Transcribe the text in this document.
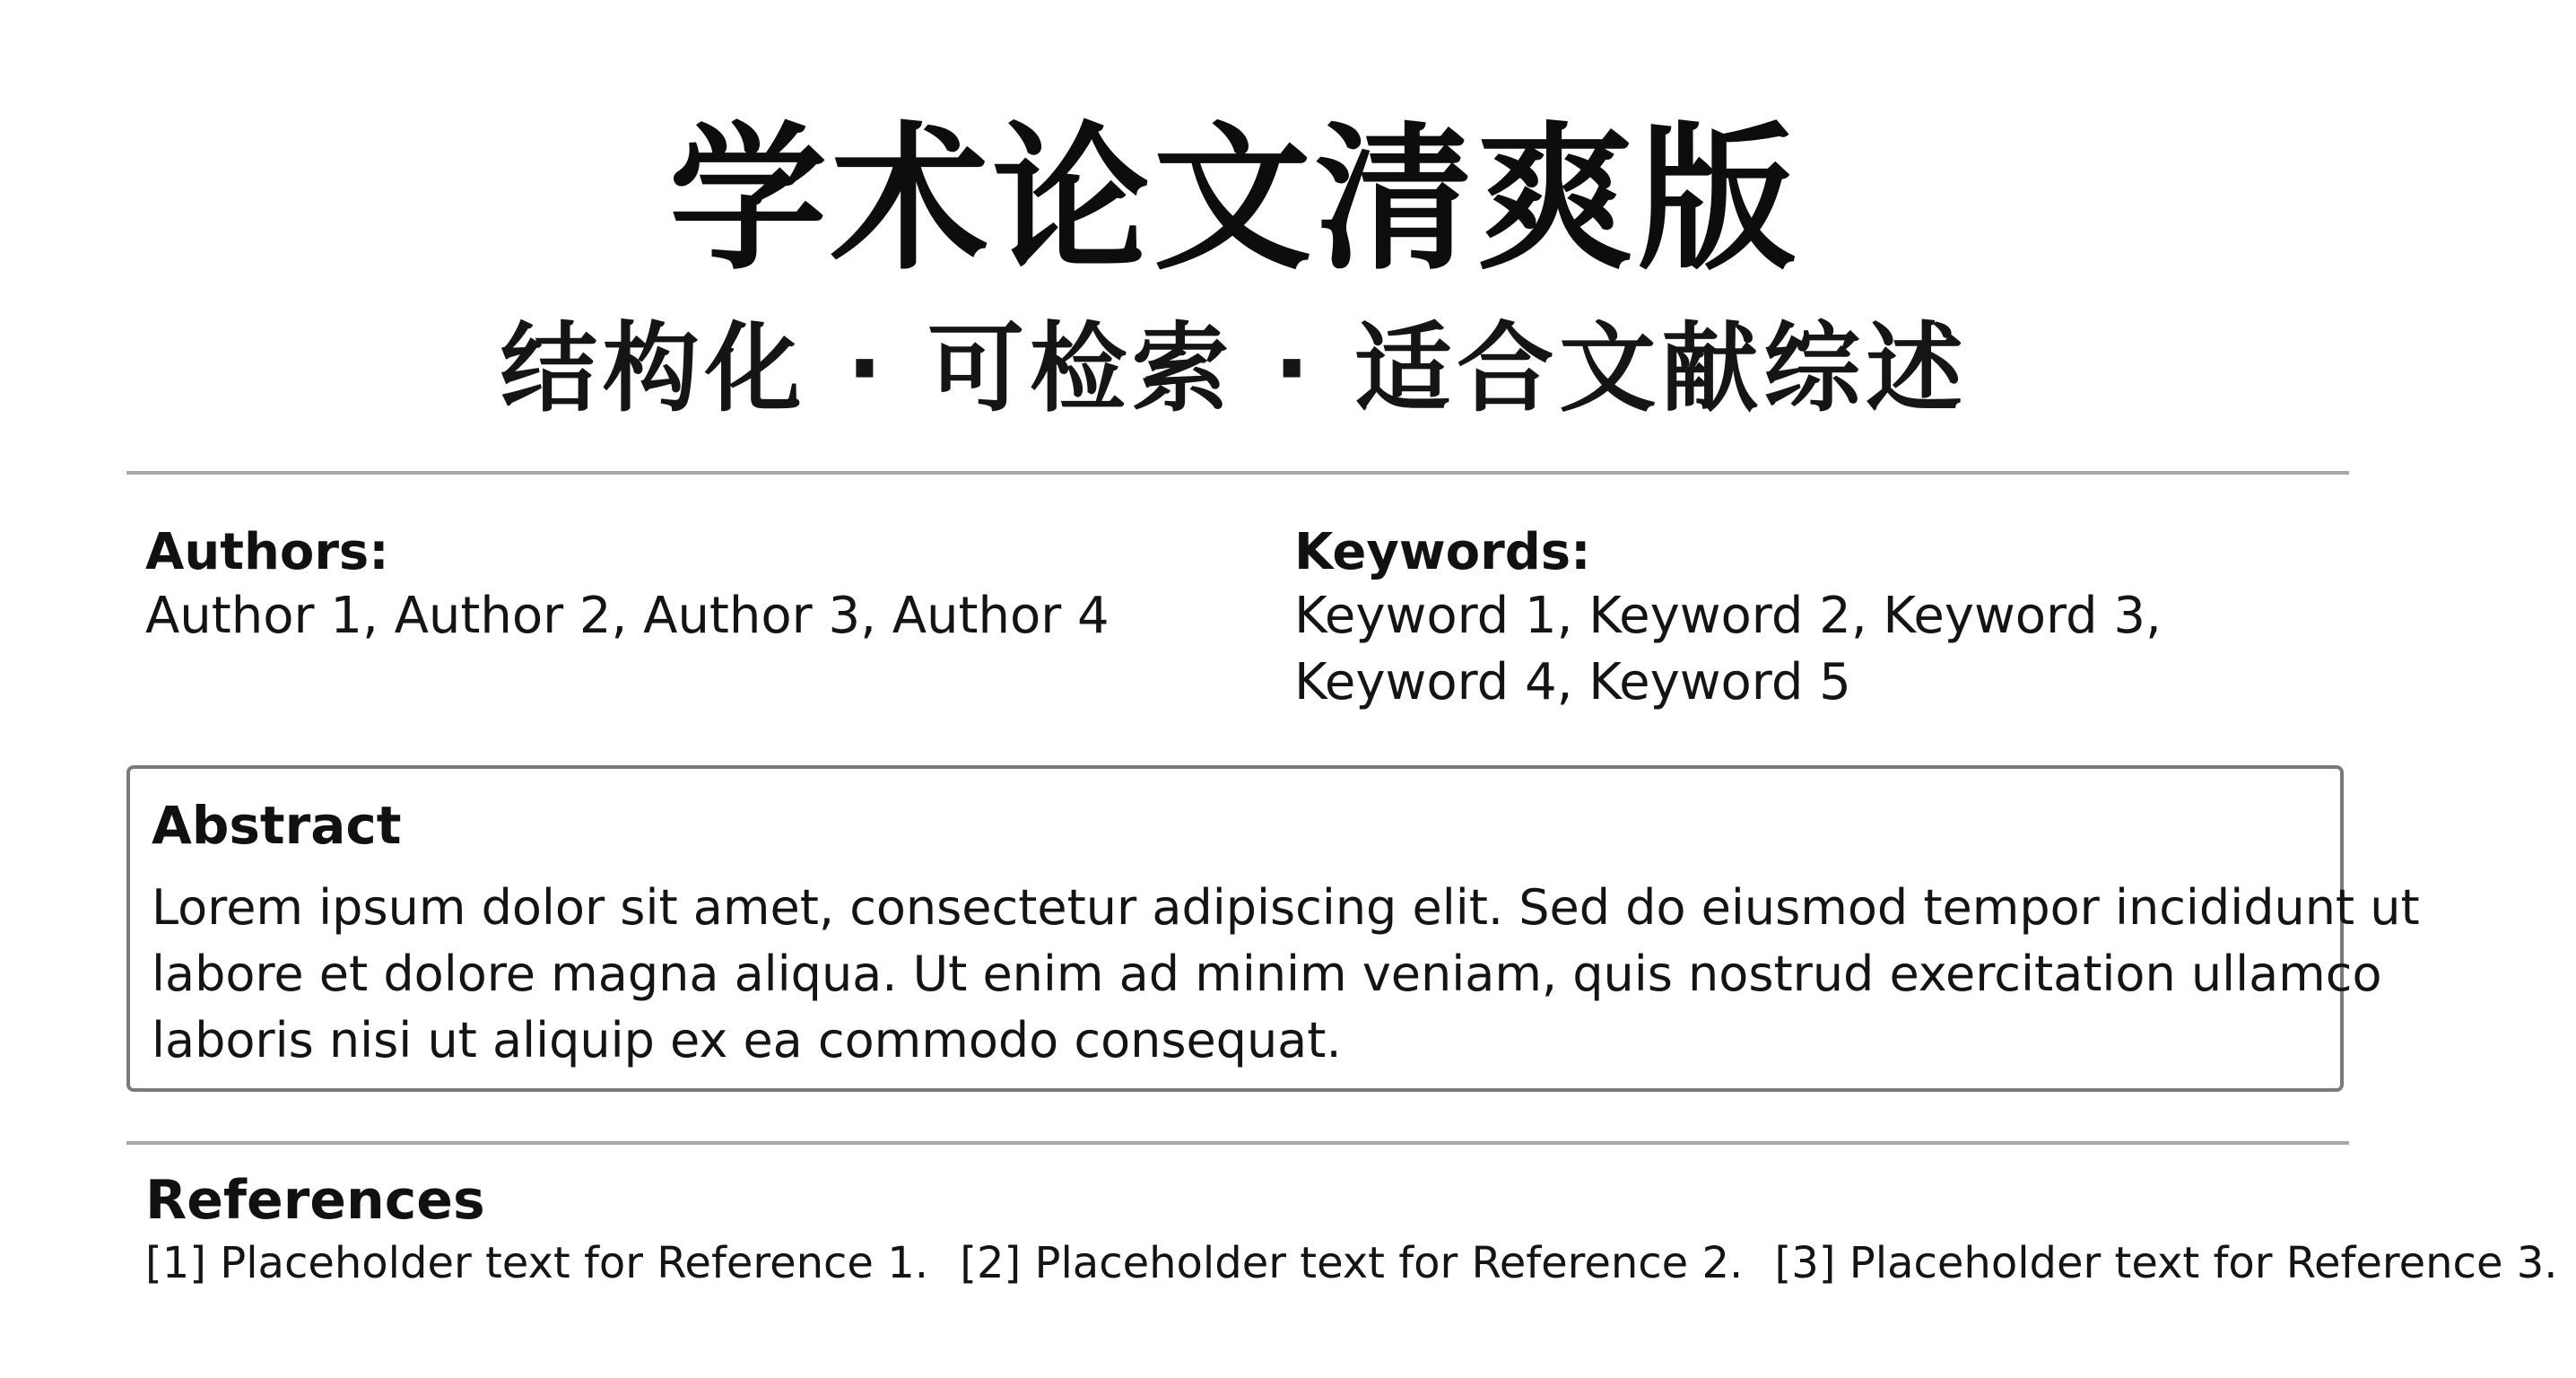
学术论文清爽版
结构化 · 可检索 · 适合文献综述
Authors:
Author 1, Author 2, Author 3, Author 4
Keywords:
Keyword 1, Keyword 2, Keyword 3,
Keyword 4, Keyword 5
Abstract
Lorem ipsum dolor sit amet, consectetur adipiscing elit. Sed do eiusmod tempor incididunt ut
labore et dolore magna aliqua. Ut enim ad minim veniam, quis nostrud exercitation ullamco
laboris nisi ut aliquip ex ea commodo consequat.
References
[1] Placeholder text for Reference 1. [2] Placeholder text for Reference 2. [3] Placeholder text for Reference 3.
